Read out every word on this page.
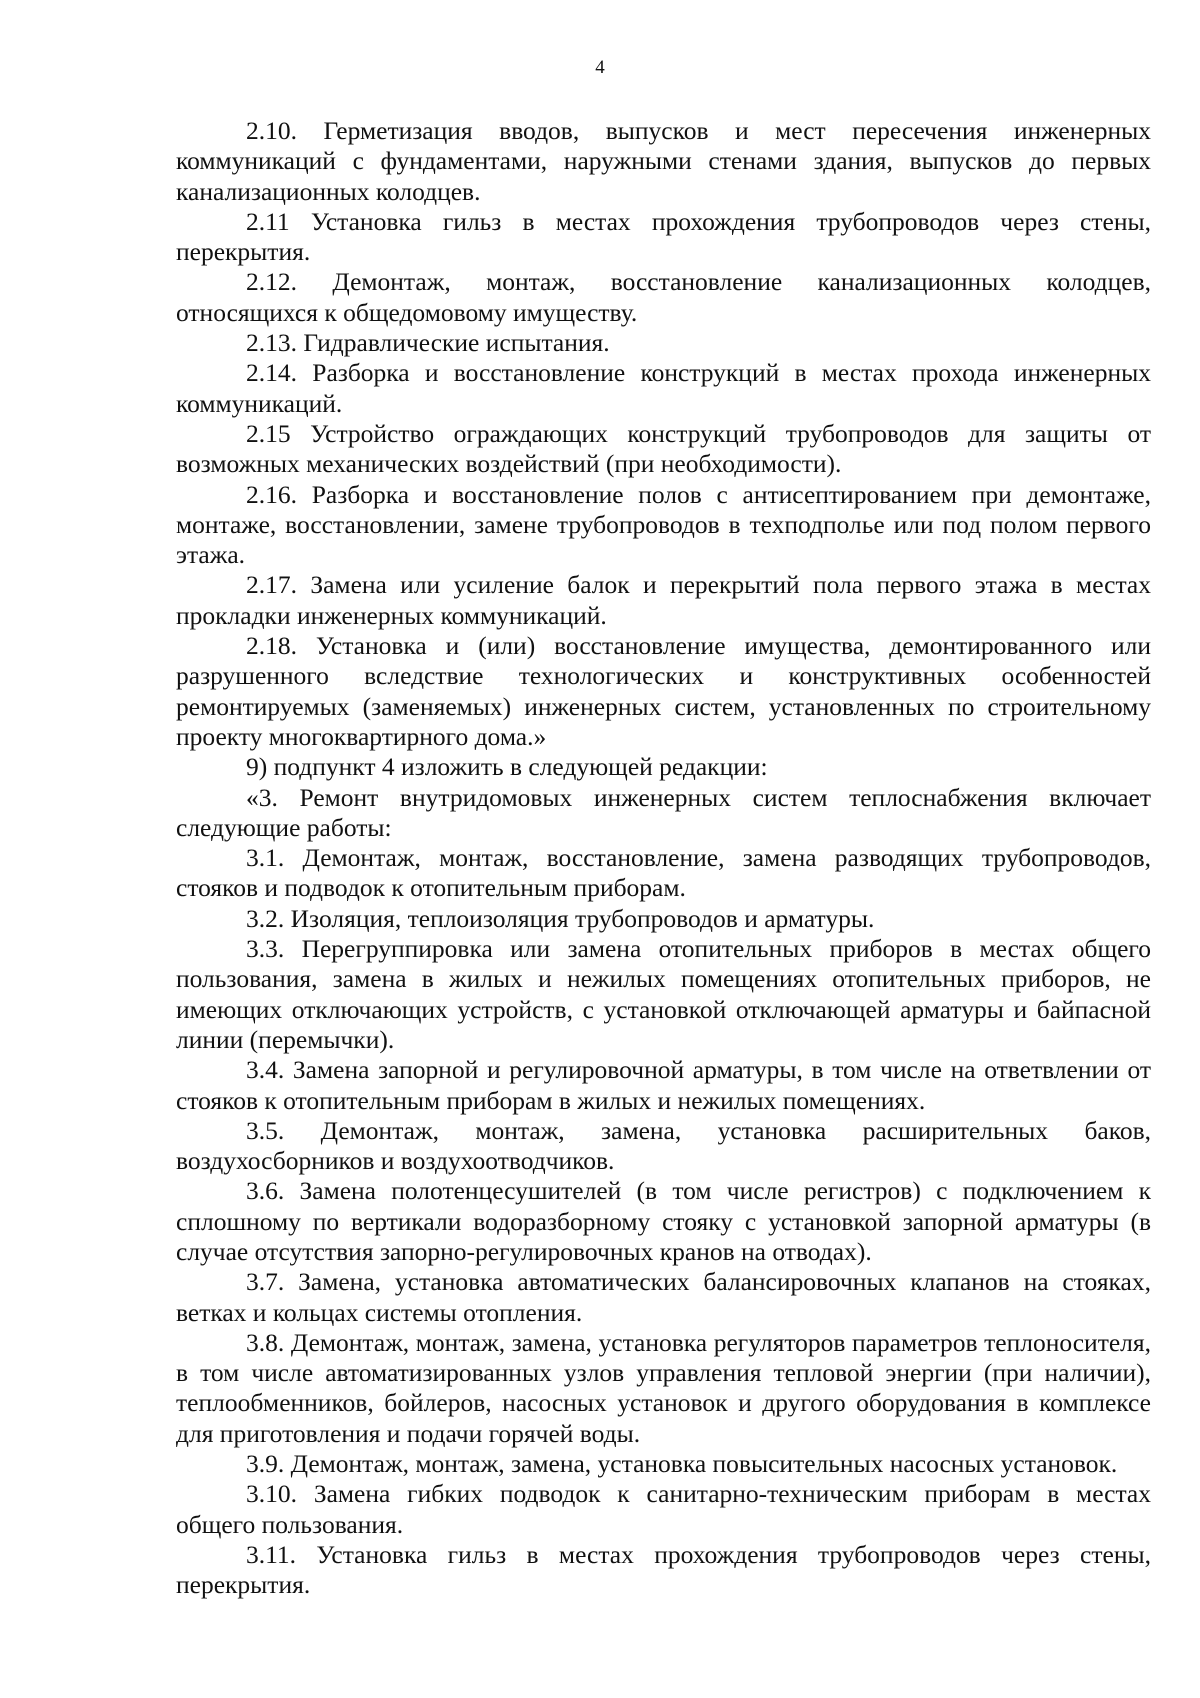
4

2.10. Герметизация вводов, выпусков и мест пересечения инженерных коммуникаций с фундаментами, наружными стенами здания, выпусков до первых канализационных колодцев.

2.11 Установка гильз в местах прохождения трубопроводов через стены, перекрытия.

2.12. Демонтаж, монтаж, восстановление канализационных колодцев, относящихся к общедомовому имуществу.

2.13. Гидравлические испытания.

2.14. Разборка и восстановление конструкций в местах прохода инженерных коммуникаций.

2.15 Устройство ограждающих конструкций трубопроводов для защиты от возможных механических воздействий (при необходимости).

2.16. Разборка и восстановление полов с антисептированием при демонтаже, монтаже, восстановлении, замене трубопроводов в техподполье или под полом первого этажа.

2.17. Замена или усиление балок и перекрытий пола первого этажа в местах прокладки инженерных коммуникаций.

2.18. Установка и (или) восстановление имущества, демонтированного или разрушенного вследствие технологических и конструктивных особенностей ремонтируемых (заменяемых) инженерных систем, установленных по строительному проекту многоквартирного дома.»

9) подпункт 4 изложить в следующей редакции:

«3. Ремонт внутридомовых инженерных систем теплоснабжения включает следующие работы:

3.1. Демонтаж, монтаж, восстановление, замена разводящих трубопроводов, стояков и подводок к отопительным приборам.

3.2. Изоляция, теплоизоляция трубопроводов и арматуры.

3.3. Перегруппировка или замена отопительных приборов в местах общего пользования, замена в жилых и нежилых помещениях отопительных приборов, не имеющих отключающих устройств, с установкой отключающей арматуры и байпасной линии (перемычки).

3.4. Замена запорной и регулировочной арматуры, в том числе на ответвлении от стояков к отопительным приборам в жилых и нежилых помещениях.

3.5. Демонтаж, монтаж, замена, установка расширительных баков, воздухосборников и воздухоотводчиков.

3.6. Замена полотенцесушителей (в том числе регистров) с подключением к сплошному по вертикали водоразборному стояку с установкой запорной арматуры (в случае отсутствия запорно-регулировочных кранов на отводах).

3.7. Замена, установка автоматических балансировочных клапанов на стояках, ветках и кольцах системы отопления.

3.8. Демонтаж, монтаж, замена, установка регуляторов параметров теплоносителя, в том числе автоматизированных узлов управления тепловой энергии (при наличии), теплообменников, бойлеров, насосных установок и другого оборудования в комплексе для приготовления и подачи горячей воды.

3.9. Демонтаж, монтаж, замена, установка повысительных насосных установок.

3.10. Замена гибких подводок к санитарно-техническим приборам в местах общего пользования.

3.11. Установка гильз в местах прохождения трубопроводов через стены, перекрытия.
